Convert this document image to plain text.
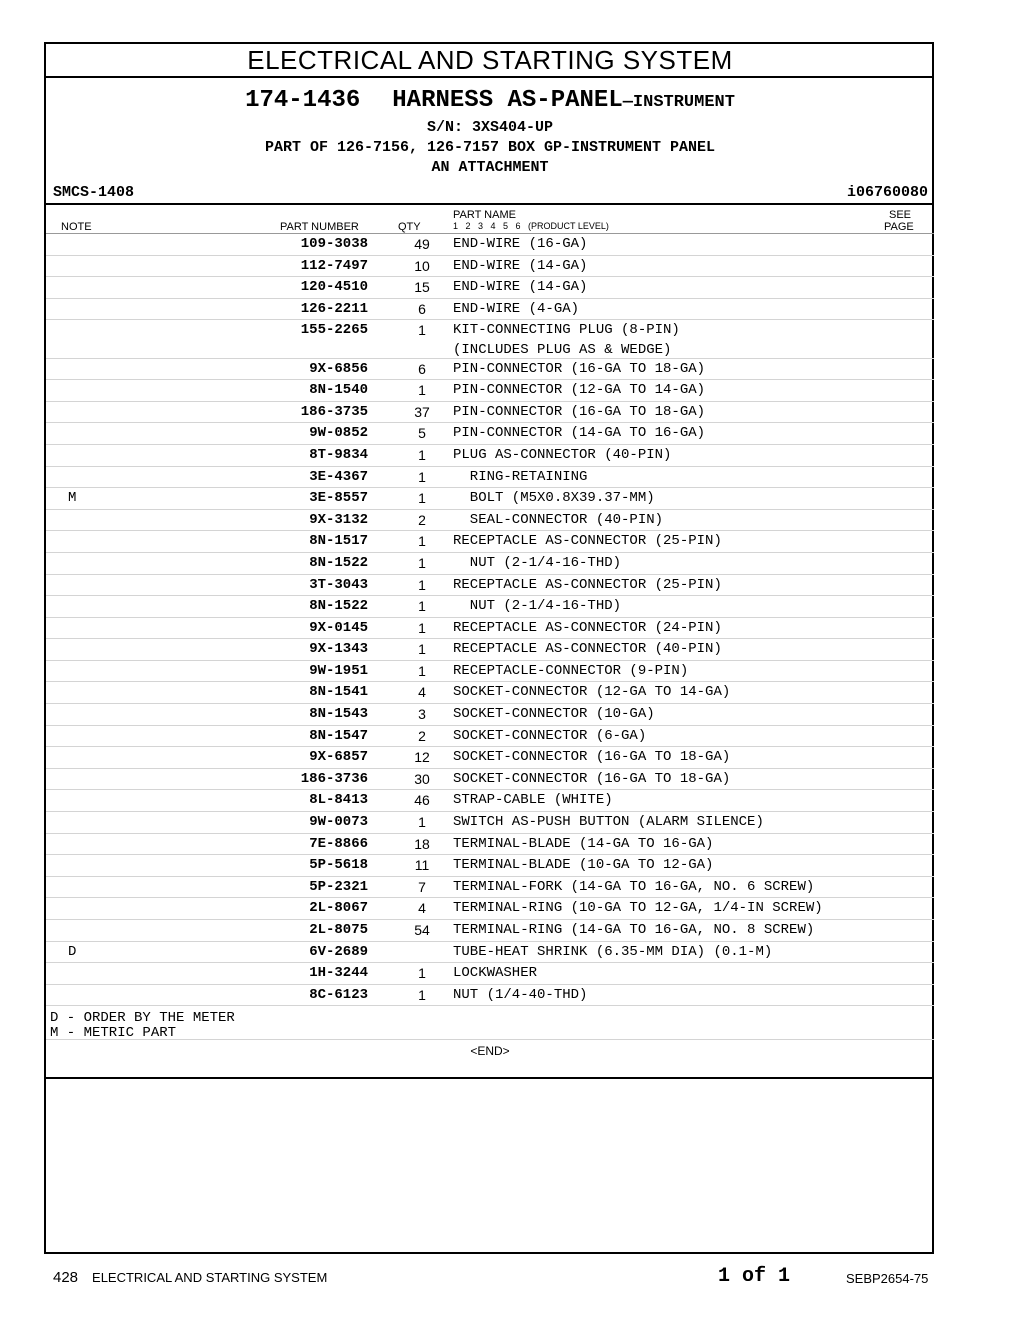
ELECTRICAL AND STARTING SYSTEM
174-1436 HARNESS AS-PANEL—INSTRUMENT
S/N: 3XS404-UP
PART OF 126-7156, 126-7157 BOX GP-INSTRUMENT PANEL
AN ATTACHMENT
SMCS-1408	i06760080
NOTE	PART NUMBER	QTY
PART NAME
1   2   3   4   5   6   (PRODUCT LEVEL)
SEE
PAGE
109-3038	49	END-WIRE (16-GA)
112-7497	10	END-WIRE (14-GA)
120-4510	15	END-WIRE (14-GA)
126-2211	6	END-WIRE (4-GA)
155-2265	1	KIT-CONNECTING PLUG (8-PIN)
(INCLUDES PLUG AS & WEDGE)
9X-6856	6	PIN-CONNECTOR (16-GA TO 18-GA)
8N-1540	1	PIN-CONNECTOR (12-GA TO 14-GA)
186-3735	37	PIN-CONNECTOR (16-GA TO 18-GA)
9W-0852	5	PIN-CONNECTOR (14-GA TO 16-GA)
8T-9834	1	PLUG AS-CONNECTOR (40-PIN)
3E-4367	1	RING-RETAINING
M	3E-8557	1	BOLT (M5X0.8X39.37-MM)
9X-3132	2	SEAL-CONNECTOR (40-PIN)
8N-1517	1	RECEPTACLE AS-CONNECTOR (25-PIN)
8N-1522	1	NUT (2-1/4-16-THD)
3T-3043	1	RECEPTACLE AS-CONNECTOR (25-PIN)
8N-1522	1	NUT (2-1/4-16-THD)
9X-0145	1	RECEPTACLE AS-CONNECTOR (24-PIN)
9X-1343	1	RECEPTACLE AS-CONNECTOR (40-PIN)
9W-1951	1	RECEPTACLE-CONNECTOR (9-PIN)
8N-1541	4	SOCKET-CONNECTOR (12-GA TO 14-GA)
8N-1543	3	SOCKET-CONNECTOR (10-GA)
8N-1547	2	SOCKET-CONNECTOR (6-GA)
9X-6857	12	SOCKET-CONNECTOR (16-GA TO 18-GA)
186-3736	30	SOCKET-CONNECTOR (16-GA TO 18-GA)
8L-8413	46	STRAP-CABLE (WHITE)
9W-0073	1	SWITCH AS-PUSH BUTTON (ALARM SILENCE)
7E-8866	18	TERMINAL-BLADE (14-GA TO 16-GA)
5P-5618	11	TERMINAL-BLADE (10-GA TO 12-GA)
5P-2321	7	TERMINAL-FORK (14-GA TO 16-GA, NO. 6 SCREW)
2L-8067	4	TERMINAL-RING (10-GA TO 12-GA, 1/4-IN SCREW)
2L-8075	54	TERMINAL-RING (14-GA TO 16-GA, NO. 8 SCREW)
D	6V-2689	TUBE-HEAT SHRINK (6.35-MM DIA) (0.1-M)
1H-3244	1	LOCKWASHER
8C-6123	1	NUT (1/4-40-THD)
D - ORDER BY THE METER
M - METRIC PART
<END>
428 ELECTRICAL AND STARTING SYSTEM	1 of 1	SEBP2654-75
